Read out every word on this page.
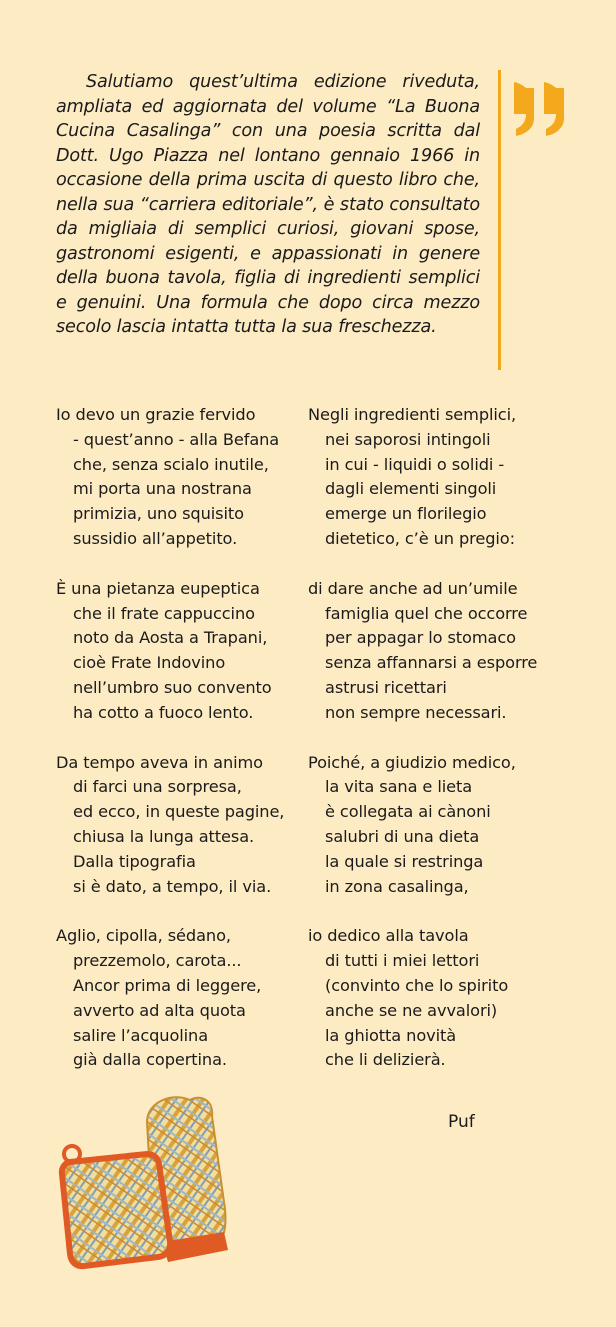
Salutiamo quest’ultima edizione riveduta, ampliata ed aggiornata del volume “La Buona Cucina Casalinga” con una poesia scritta dal Dott. Ugo Piazza nel lontano gennaio 1966 in occasione della prima uscita di questo libro che, nella sua “carriera editoriale”, è stato consultato da migliaia di semplici curiosi, giovani spose, gastronomi esigenti, e appassionati in genere della buona tavola, figlia di ingredienti semplici e genuini. Una formula che dopo circa mezzo secolo lascia intatta tutta la sua freschezza.

Io devo un grazie fervido
- quest’anno - alla Befana
che, senza scialo inutile,
mi porta una nostrana
primizia, uno squisito
sussidio all’appetito.
È una pietanza eupeptica
che il frate cappuccino
noto da Aosta a Trapani,
cioè Frate Indovino
nell’umbro suo convento
ha cotto a fuoco lento.
Da tempo aveva in animo
di farci una sorpresa,
ed ecco, in queste pagine,
chiusa la lunga attesa.
Dalla tipografia
si è dato, a tempo, il via.
Aglio, cipolla, sédano,
prezzemolo, carota...
Ancor prima di leggere,
avverto ad alta quota
salire l’acquolina
già dalla copertina.
Negli ingredienti semplici,
nei saporosi intingoli
in cui - liquidi o solidi -
dagli elementi singoli
emerge un florilegio
dietetico, c’è un pregio:
di dare anche ad un’umile
famiglia quel che occorre
per appagar lo stomaco
senza affannarsi a esporre
astrusi ricettari
non sempre necessari.
Poiché, a giudizio medico,
la vita sana e lieta
è collegata ai cànoni
salubri di una dieta
la quale si restringa
in zona casalinga,
io dedico alla tavola
di tutti i miei lettori
(convinto che lo spirito
anche se ne avvalori)
la ghiotta novità
che li delizierà.
Puf
